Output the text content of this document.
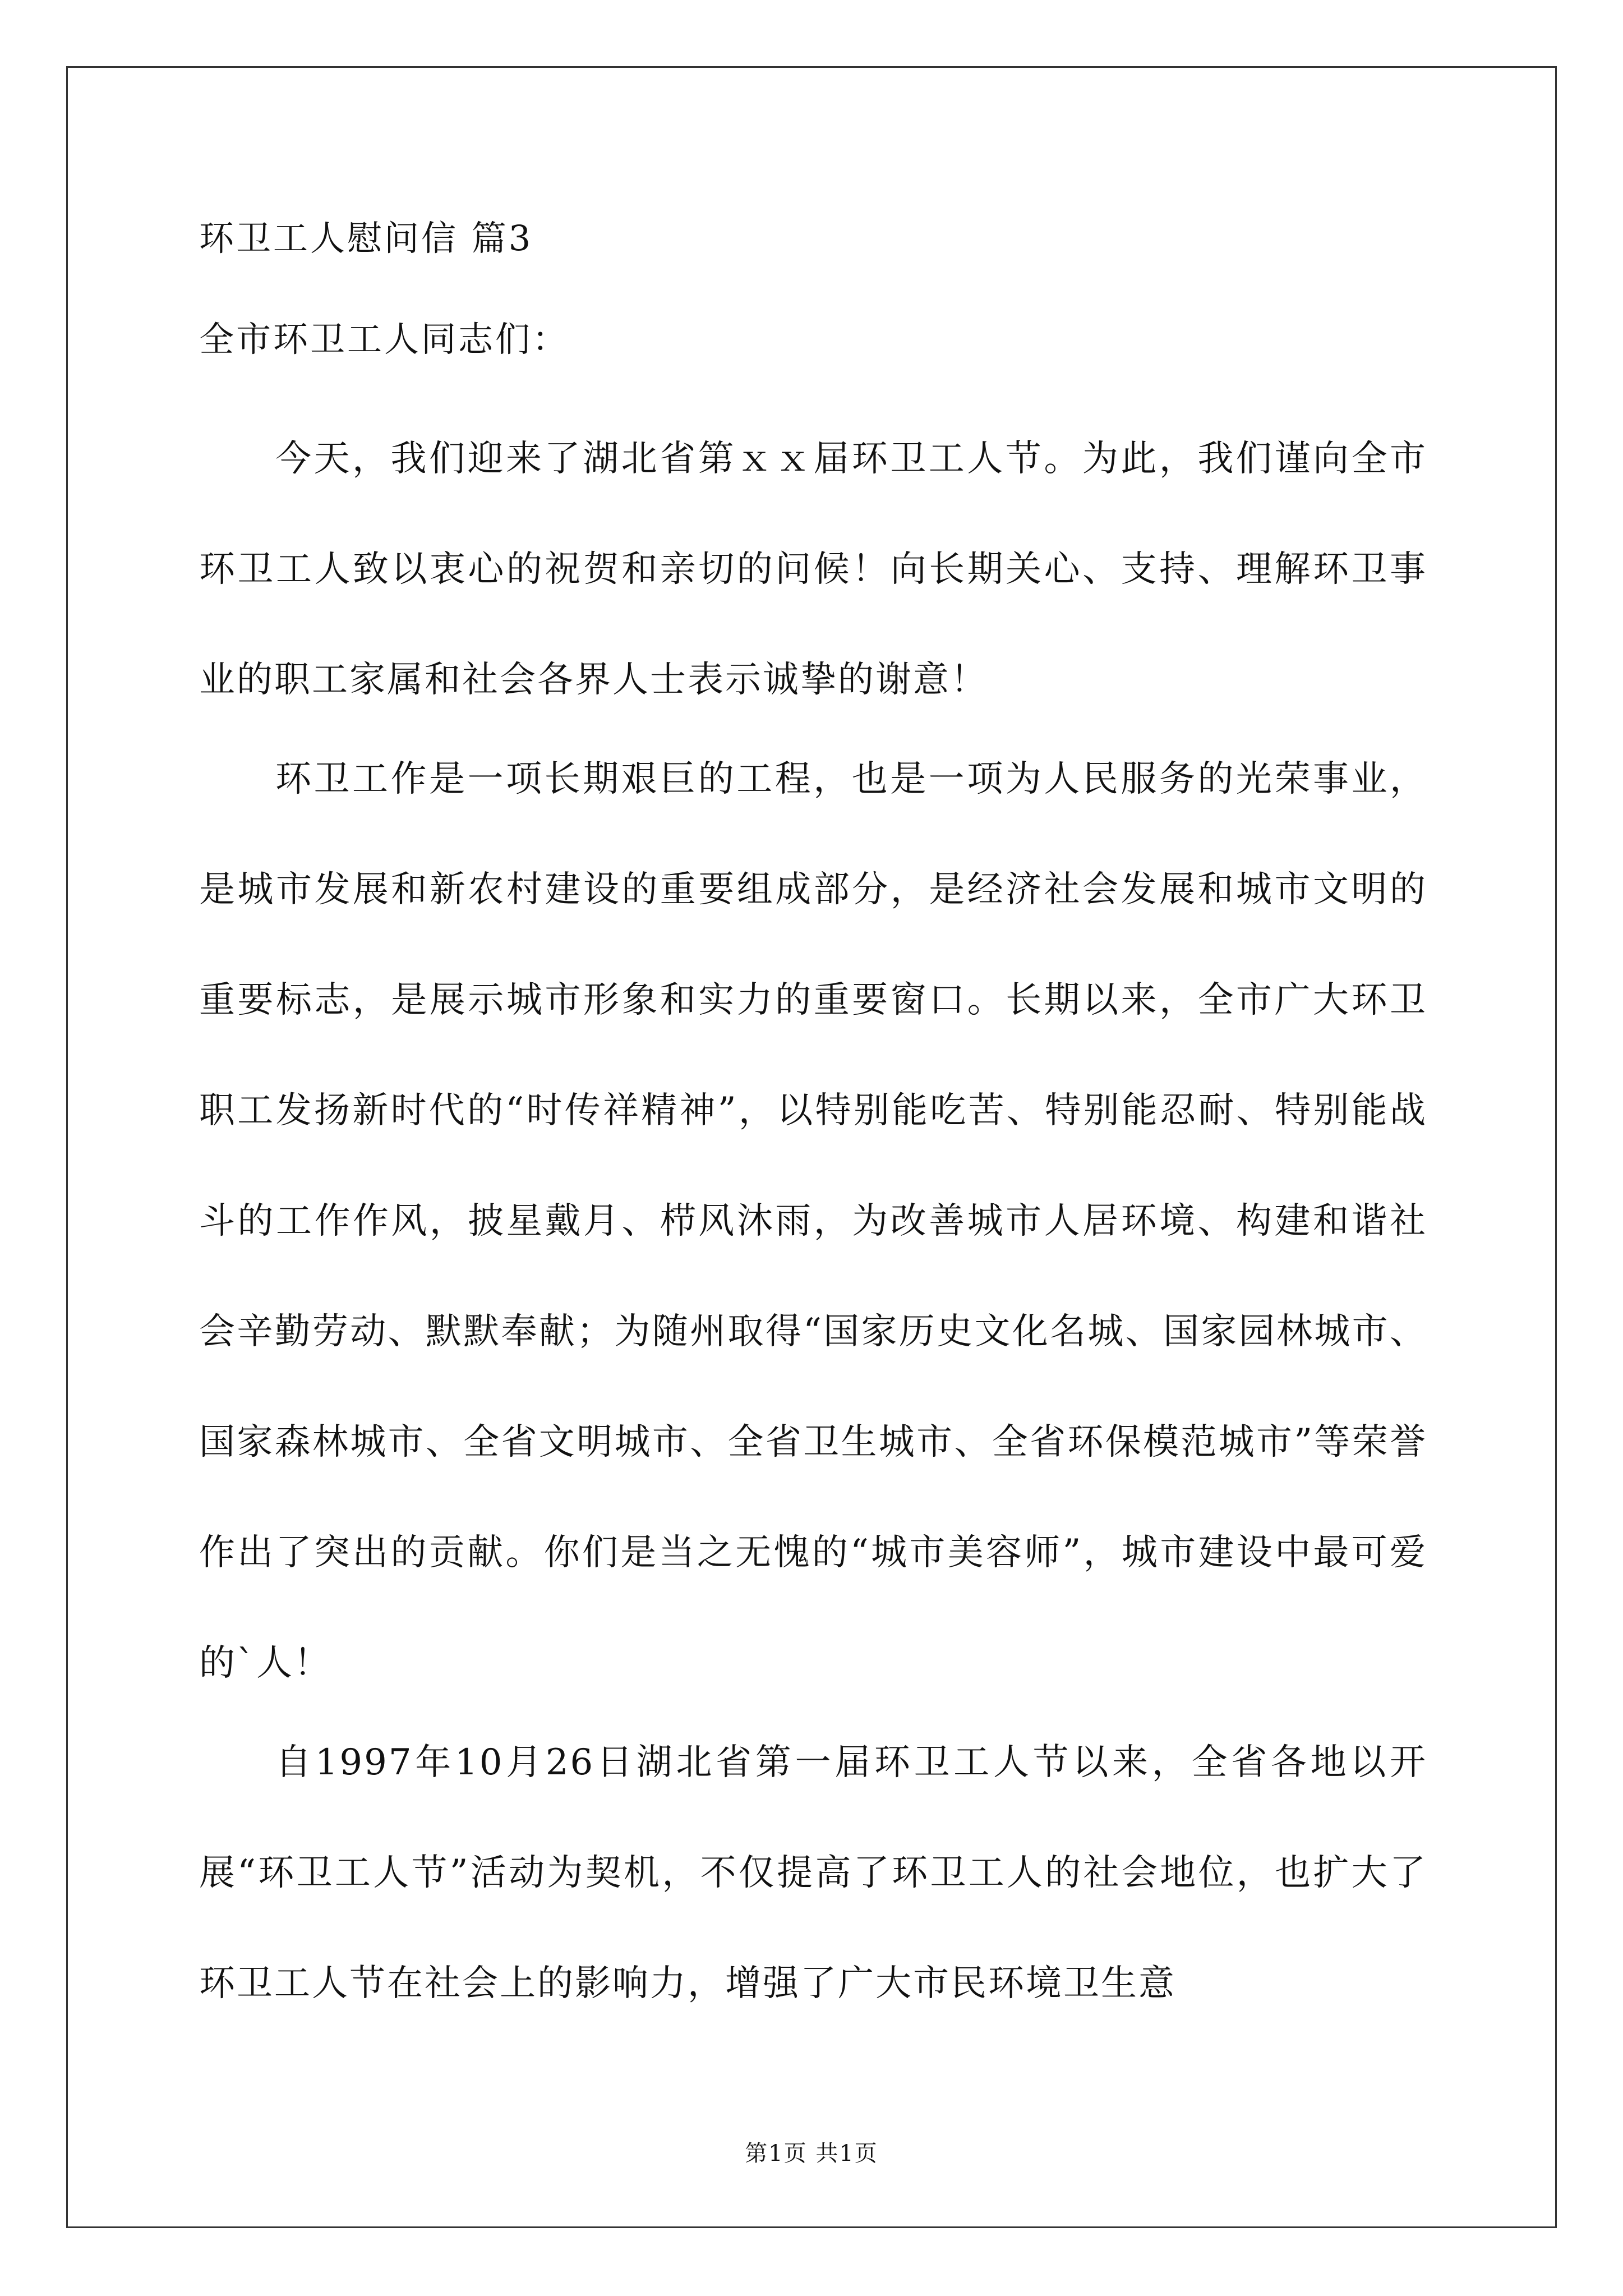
环卫工人慰问信 篇3
全市环卫工人同志们：

今天，我们迎来了湖北省第ｘｘ届环卫工人节。为此，我们谨向全市环卫工人致以衷心的祝贺和亲切的问候！向长期关心、支持、理解环卫事业的职工家属和社会各界人士表示诚挚的谢意！

环卫工作是一项长期艰巨的工程，也是一项为人民服务的光荣事业，是城市发展和新农村建设的重要组成部分，是经济社会发展和城市文明的重要标志，是展示城市形象和实力的重要窗口。长期以来，全市广大环卫职工发扬新时代的“时传祥精神”，以特别能吃苦、特别能忍耐、特别能战斗的工作作风，披星戴月、栉风沐雨，为改善城市人居环境、构建和谐社会辛勤劳动、默默奉献；为随州取得“国家历史文化名城、国家园林城市、国家森林城市、全省文明城市、全省卫生城市、全省环保模范城市”等荣誉作出了突出的贡献。你们是当之无愧的“城市美容师”，城市建设中最可爱的`人！

自1997年10月26日湖北省第一届环卫工人节以来，全省各地以开展“环卫工人节”活动为契机，不仅提高了环卫工人的社会地位，也扩大了环卫工人节在社会上的影响力，增强了广大市民环境卫生意

第1页 共1页
